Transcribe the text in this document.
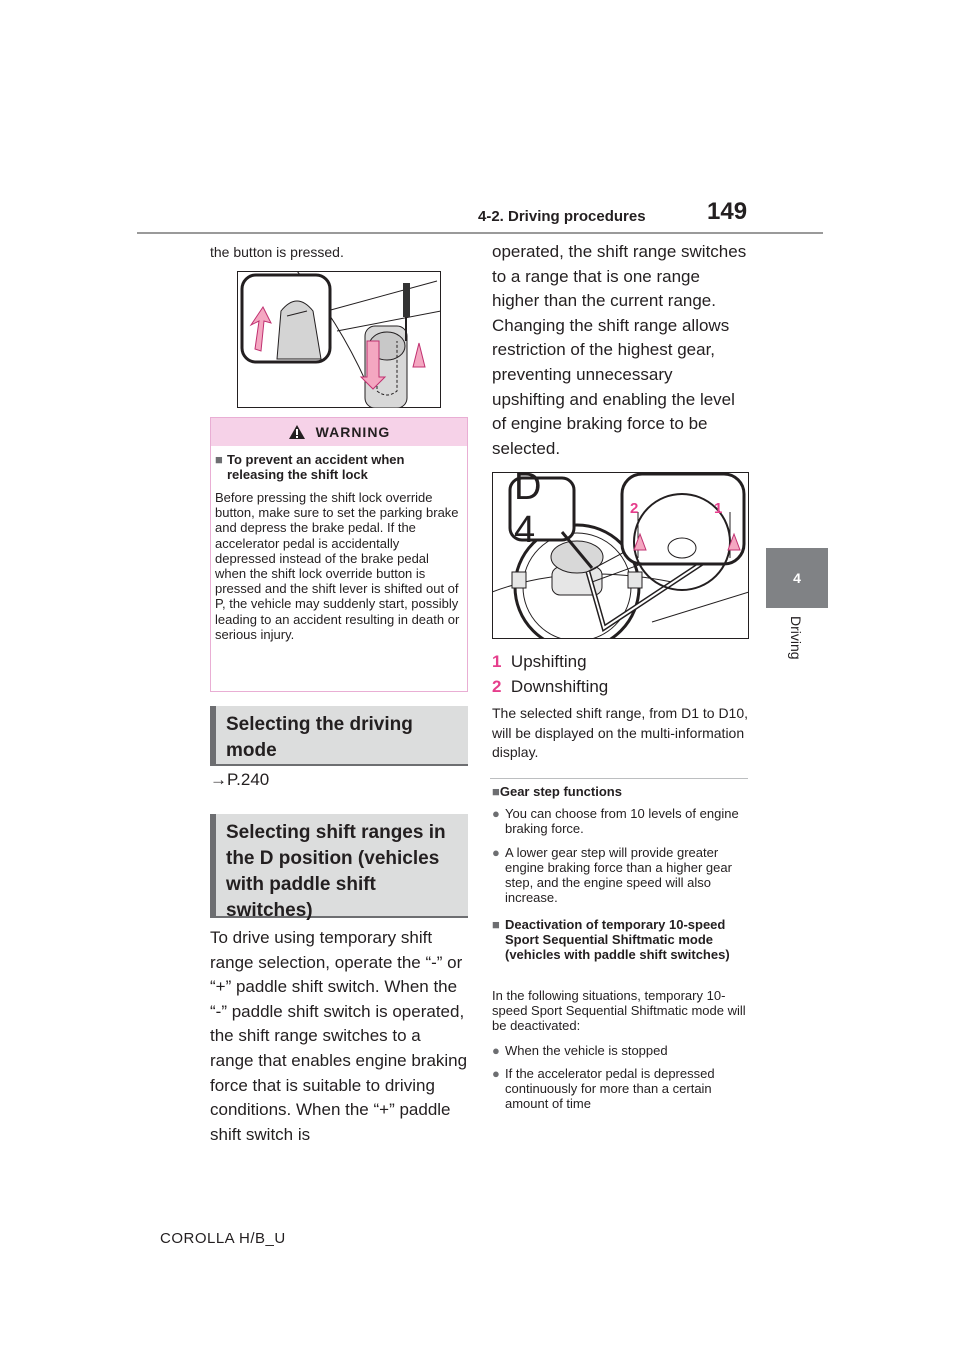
4-2. Driving procedures	149
4
Driving
the button is pressed.
WARNING
■ To prevent an accident when releasing the shift lock
Before pressing the shift lock override button, make sure to set the parking brake and depress the brake pedal. If the accelerator pedal is accidentally depressed instead of the brake pedal when the shift lock override button is pressed and the shift lever is shifted out of P, the vehicle may suddenly start, possibly leading to an accident resulting in death or serious injury.
Selecting the driving mode
→P.240
Selecting shift ranges in the D position (vehicles with paddle shift switches)
To drive using temporary shift range selection, operate the “-” or “+” paddle shift switch. When the “-” paddle shift switch is operated, the shift range switches to a range that enables engine braking force that is suitable to driving conditions. When the “+” paddle shift switch is
operated, the shift range switches to a range that is one range higher than the current range. Changing the shift range allows restriction of the highest gear, preventing unnecessary upshifting and enabling the level of engine braking force to be selected.
D 4
2	1
1 Upshifting
2 Downshifting
The selected shift range, from D1 to D10, will be displayed on the multi-information display.
■Gear step functions
● You can choose from 10 levels of engine braking force.
● A lower gear step will provide greater engine braking force than a higher gear step, and the engine speed will also increase.
■ Deactivation of temporary 10-speed Sport Sequential Shiftmatic mode (vehicles with paddle shift switches)
In the following situations, temporary 10-speed Sport Sequential Shiftmatic mode will be deactivated:
● When the vehicle is stopped
● If the accelerator pedal is depressed continuously for more than a certain amount of time
COROLLA H/B_U
